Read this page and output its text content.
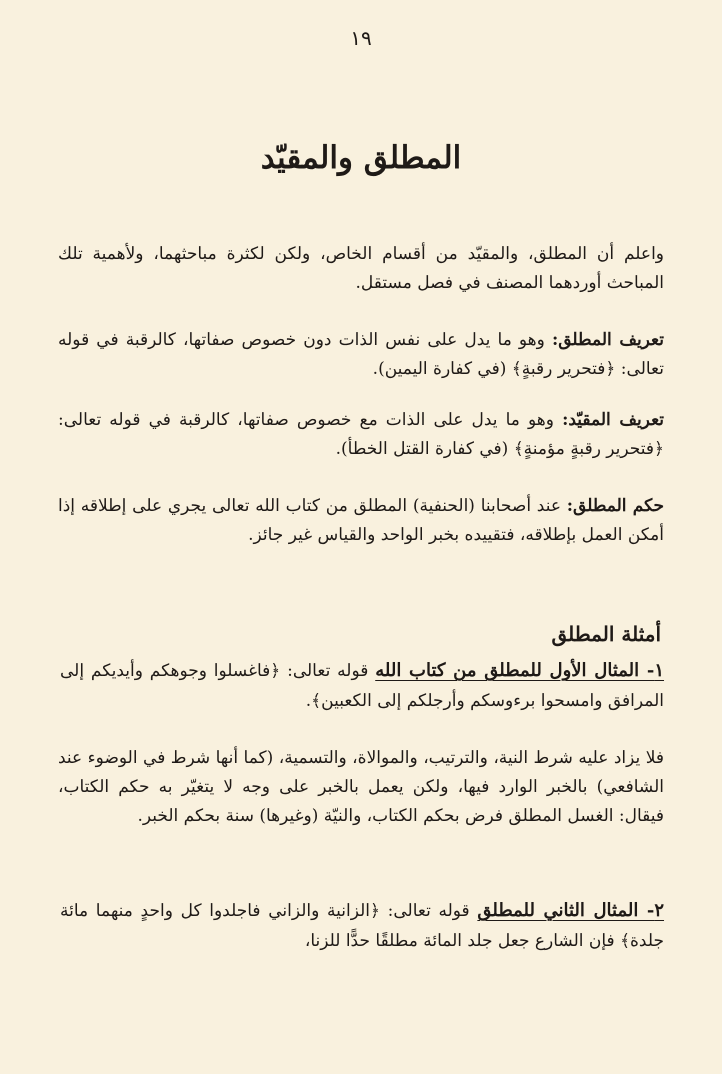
١٩
المطلق والمقيّد
واعلم أن المطلق، والمقيّد من أقسام الخاص، ولكن لكثرة مباحثهما، ولأهمية تلك المباحث أوردهما المصنف في فصل مستقل.
تعريف المطلق: وهو ما يدل على نفس الذات دون خصوص صفاتها، كالرقبة في قوله تعالى: ﴿فتحرير رقبةٍ﴾ (في كفارة اليمين).
تعريف المقيّد: وهو ما يدل على الذات مع خصوص صفاتها، كالرقبة في قوله تعالى: ﴿فتحرير رقبةٍ مؤمنةٍ﴾ (في كفارة القتل الخطأ).
حكم المطلق: عند أصحابنا (الحنفية) المطلق من كتاب الله تعالى يجري على إطلاقه إذا أمكن العمل بإطلاقه، فتقييده بخبر الواحد والقياس غير جائز.
أمثلة المطلق
١- المثال الأول للمطلق من كتاب الله قوله تعالى: ﴿فاغسلوا وجوهكم وأيديكم إلى المرافق وامسحوا برءوسكم وأرجلكم إلى الكعبين﴾.
فلا يزاد عليه شرط النية، والترتيب، والموالاة، والتسمية، (كما أنها شرط في الوضوء عند الشافعي) بالخبر الوارد فيها، ولكن يعمل بالخبر على وجه لا يتغيّر به حكم الكتاب، فيقال: الغسل المطلق فرض بحكم الكتاب، والنيّة (وغيرها) سنة بحكم الخبر.
٢- المثال الثاني للمطلق قوله تعالى: ﴿الزانية والزاني فاجلدوا كل واحدٍ منهما مائة جلدة﴾ فإن الشارع جعل جلد المائة مطلقًا حدًّا للزنا،
